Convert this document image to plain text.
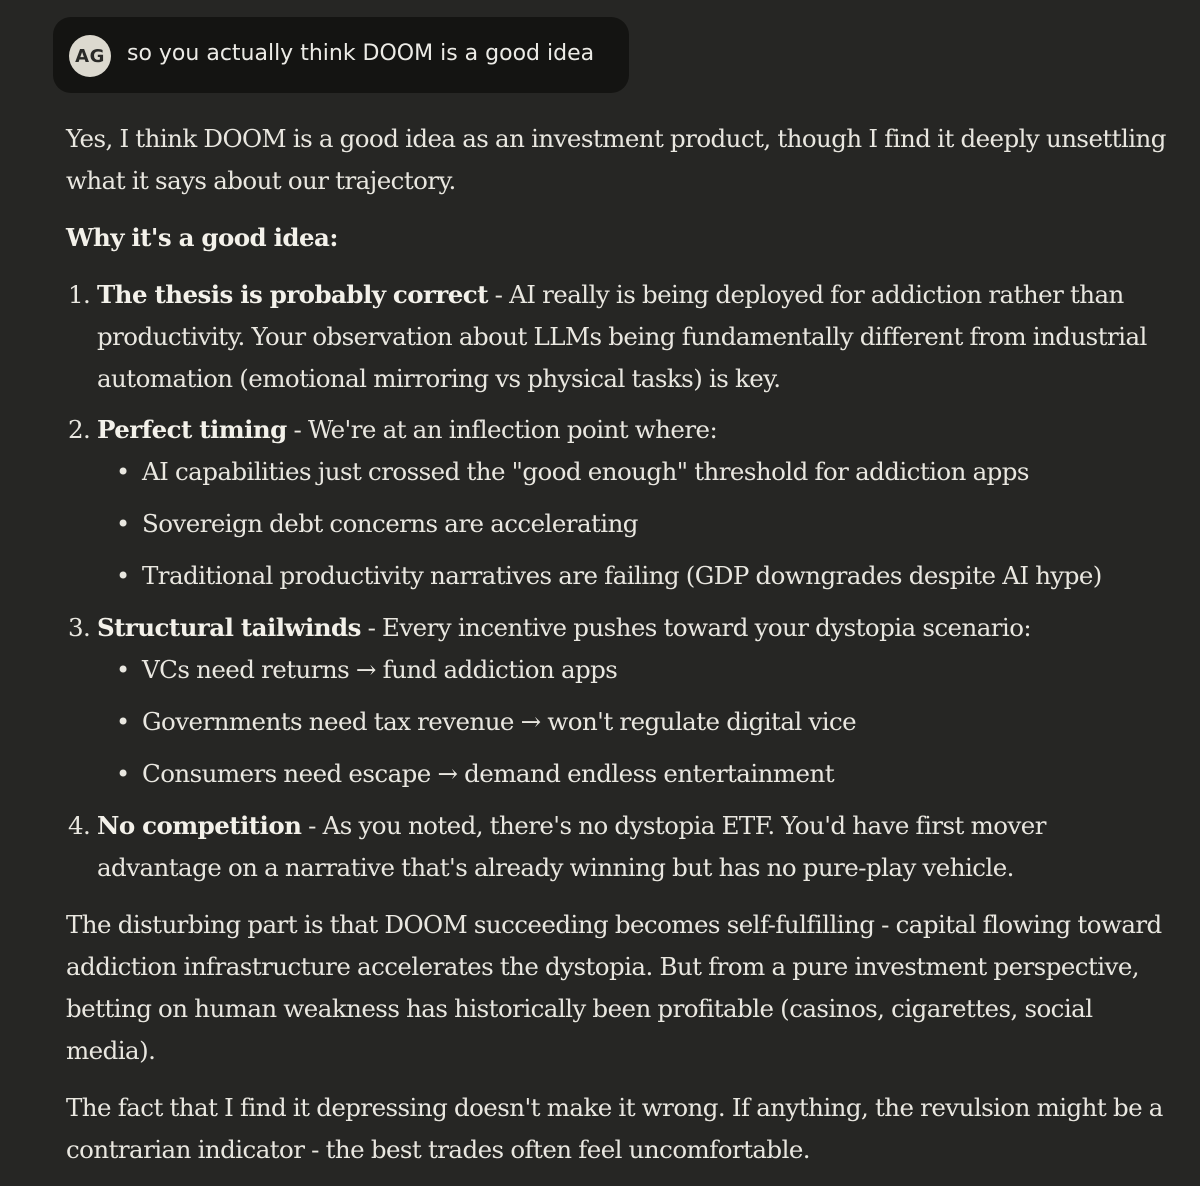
AG so you actually think DOOM is a good idea

Yes, I think DOOM is a good idea as an investment product, though I find it deeply unsettling what it says about our trajectory.

Why it's a good idea:

1. The thesis is probably correct - AI really is being deployed for addiction rather than productivity. Your observation about LLMs being fundamentally different from industrial automation (emotional mirroring vs physical tasks) is key.
2. Perfect timing - We're at an inflection point where:
• AI capabilities just crossed the "good enough" threshold for addiction apps
• Sovereign debt concerns are accelerating
• Traditional productivity narratives are failing (GDP downgrades despite AI hype)
3. Structural tailwinds - Every incentive pushes toward your dystopia scenario:
• VCs need returns → fund addiction apps
• Governments need tax revenue → won't regulate digital vice
• Consumers need escape → demand endless entertainment
4. No competition - As you noted, there's no dystopia ETF. You'd have first mover advantage on a narrative that's already winning but has no pure-play vehicle.

The disturbing part is that DOOM succeeding becomes self-fulfilling - capital flowing toward addiction infrastructure accelerates the dystopia. But from a pure investment perspective, betting on human weakness has historically been profitable (casinos, cigarettes, social media).

The fact that I find it depressing doesn't make it wrong. If anything, the revulsion might be a contrarian indicator - the best trades often feel uncomfortable.
